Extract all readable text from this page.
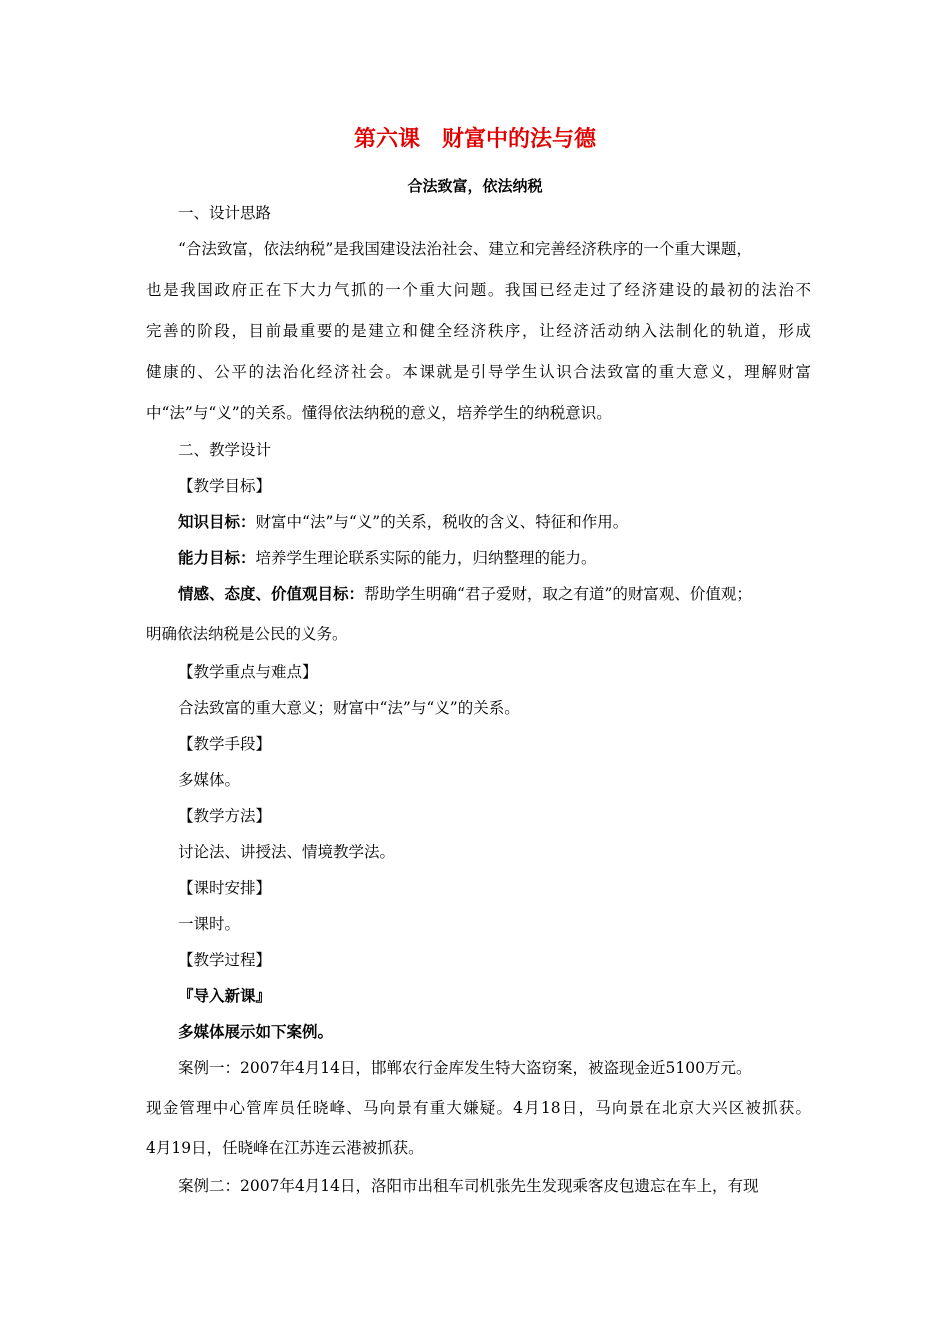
第六课　财富中的法与德
合法致富，依法纳税
一、设计思路
“合法致富，依法纳税”是我国建设法治社会、建立和完善经济秩序的一个重大课题，
也是我国政府正在下大力气抓的一个重大问题。我国已经走过了经济建设的最初的法治不
完善的阶段，目前最重要的是建立和健全经济秩序，让经济活动纳入法制化的轨道，形成
健康的、公平的法治化经济社会。本课就是引导学生认识合法致富的重大意义，理解财富
中“法”与“义”的关系。懂得依法纳税的意义，培养学生的纳税意识。
二、教学设计
【教学目标】
知识目标：财富中“法”与“义”的关系，税收的含义、特征和作用。
能力目标：培养学生理论联系实际的能力，归纳整理的能力。
情感、态度、价值观目标：帮助学生明确“君子爱财，取之有道”的财富观、价值观；
明确依法纳税是公民的义务。
【教学重点与难点】
合法致富的重大意义；财富中“法”与“义”的关系。
【教学手段】
多媒体。
【教学方法】
讨论法、讲授法、情境教学法。
【课时安排】
一课时。
【教学过程】
『导入新课』
多媒体展示如下案例。
案例一：2007年4月14日，邯郸农行金库发生特大盗窃案，被盗现金近5100万元。
现金管理中心管库员任晓峰、马向景有重大嫌疑。4月18日，马向景在北京大兴区被抓获。
4月19日，任晓峰在江苏连云港被抓获。
案例二：2007年4月14日，洛阳市出租车司机张先生发现乘客皮包遗忘在车上，有现
